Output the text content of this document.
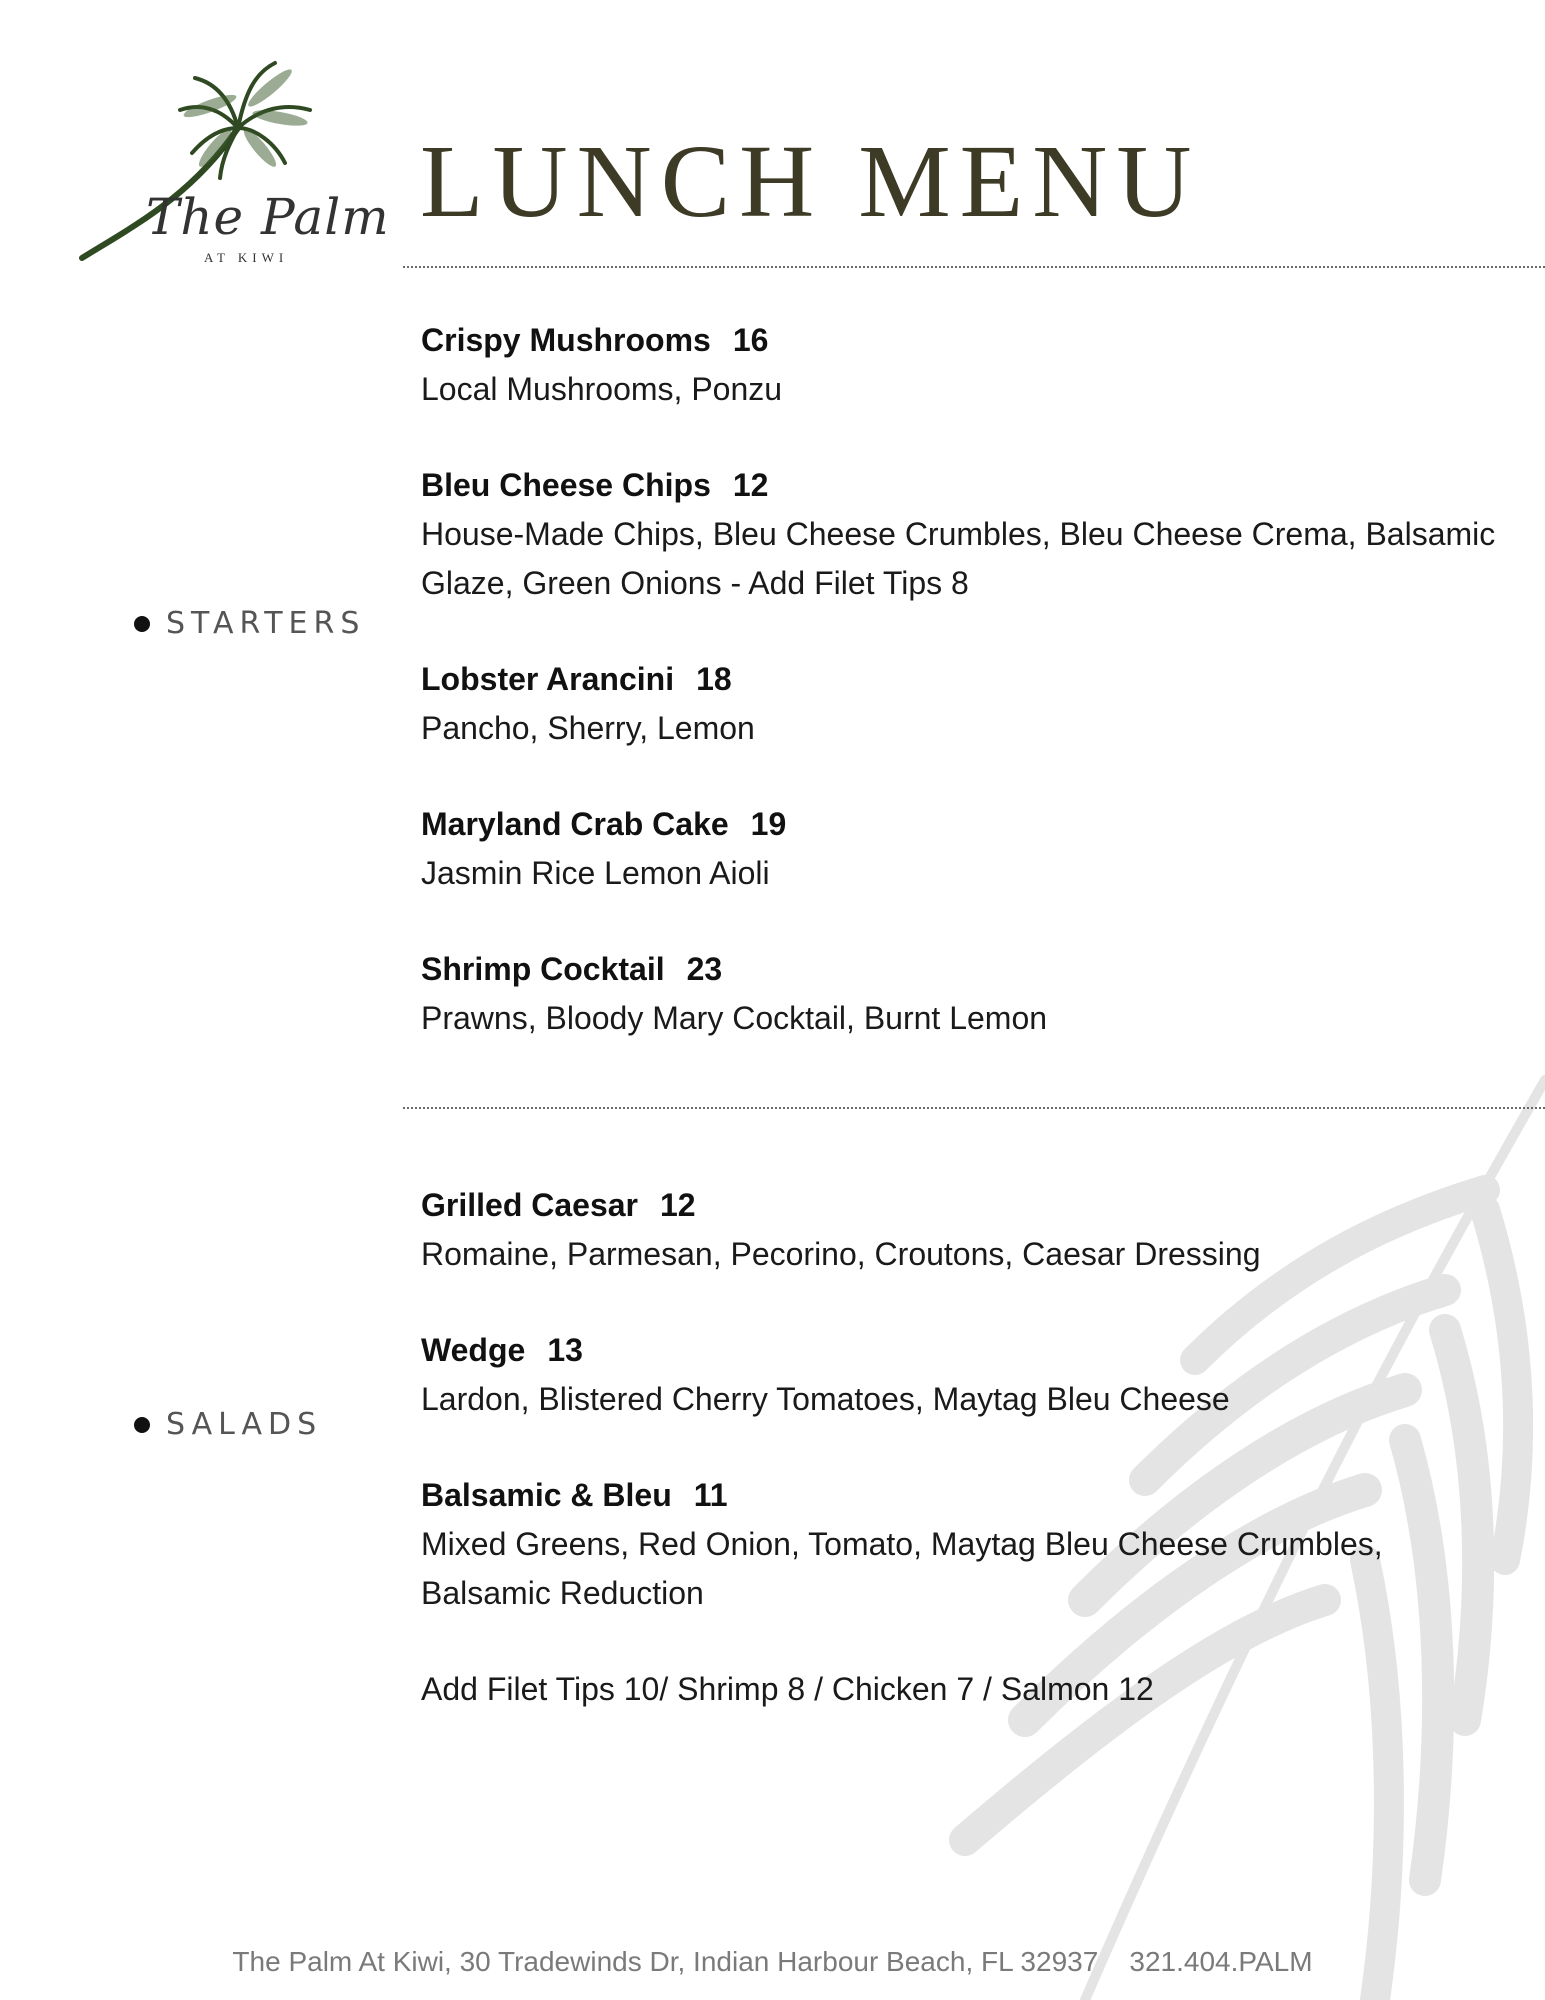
The Palm
AT KIWI
LUNCH MENU
STARTERS
Crispy Mushrooms 16
Local Mushrooms, Ponzu
Bleu Cheese Chips 12
House-Made Chips, Bleu Cheese Crumbles, Bleu Cheese Crema, Balsamic Glaze, Green Onions - Add Filet Tips 8
Lobster Arancini 18
Pancho, Sherry, Lemon
Maryland Crab Cake 19
Jasmin Rice Lemon Aioli
Shrimp Cocktail 23
Prawns, Bloody Mary Cocktail, Burnt Lemon
SALADS
Grilled Caesar 12
Romaine, Parmesan, Pecorino, Croutons, Caesar Dressing
Wedge 13
Lardon, Blistered Cherry Tomatoes, Maytag Bleu Cheese
Balsamic & Bleu 11
Mixed Greens, Red Onion, Tomato, Maytag Bleu Cheese Crumbles, Balsamic Reduction
Add Filet Tips 10/ Shrimp 8 / Chicken 7 / Salmon 12
The Palm At Kiwi, 30 Tradewinds Dr, Indian Harbour Beach, FL 32937    321.404.PALM
